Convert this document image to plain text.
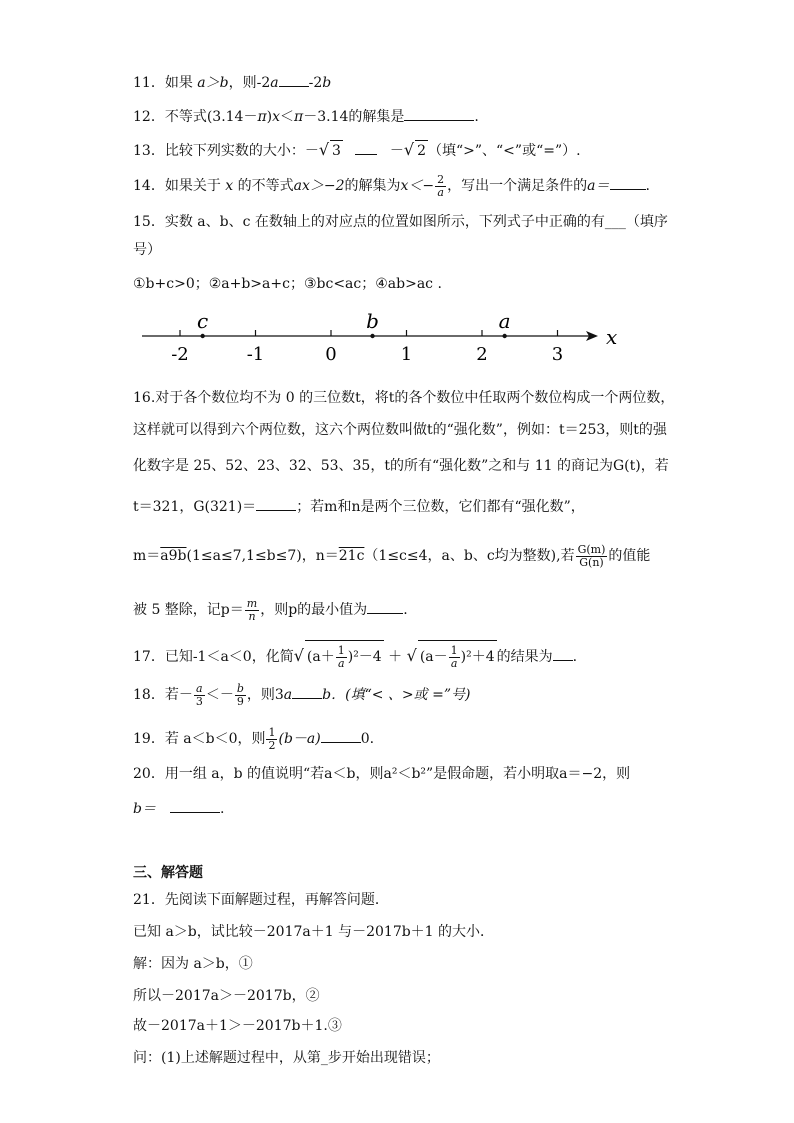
11．如果 a＞b，则-2a -2b
12．不等式(3.14－π)x＜π－3.14的解集是	.
13．比较下列实数的大小：－√ 3	－√ 2 （填“>”、“<”或“=”）.
14．如果关于 x 的不等式ax＞−2的解集为$x<- \frac{2}{a}$ ，写出一个满足条件的a＝	.
15．实数 a、b、c 在数轴上的对应点的位置如图所示，下列式子中正确的有___（填序
号）
①b+c>0；②a+b>a+c；③bc<ac；④ab>ac .
x
-2	-1	0	1	2	3
c	b	a
16.对于各个数位均不为 0 的三位数t，将t的各个数位中任取两个数位构成一个两位数，
这样就可以得到六个两位数，这六个两位数叫做t的“强化数”，例如：t＝253，则t的强
化数字是 25、52、23、32、53、35，t的所有“强化数”之和与 11 的商记为G(t)，若
t＝321，G(321)＝	；若m和n是两个三位数，它们都有“强化数”，
m＝a9b(1≤a≤7,1≤b≤7)，n＝21c（1≤c≤4，a、b、c均为整数),若 $\frac{G(m)}{G(n)}$ 的值能
被 5 整除，记$p= \frac{m}{n}$ ，则p的最小值为	.
17．已知-1＜a＜0，化简√ $(a+ \frac{1}{a} )^2-4$ ＋ √ $(a- \frac{1}{a} )^2+4$ 的结果为 .
18．若－ $\frac{a}{3} <- \frac{b}{9}$ ，则3a b．(填“< 、>或 =”号)
19．若 a＜b＜0，则 $\frac{1}{2} (b-a)$	0.
20．用一组 a，b 的值说明“若a＜b，则a²＜b²”是假命题，若小明取a＝−2，则
b＝	.
三、解答题
21．先阅读下面解题过程，再解答问题．
已知 a＞b，试比较－2017a＋1 与－2017b＋1 的大小．
解：因为 a＞b，①
所以－2017a＞－2017b，②
故－2017a＋1＞－2017b＋1.③
问：(1)上述解题过程中，从第_步开始出现错误；
